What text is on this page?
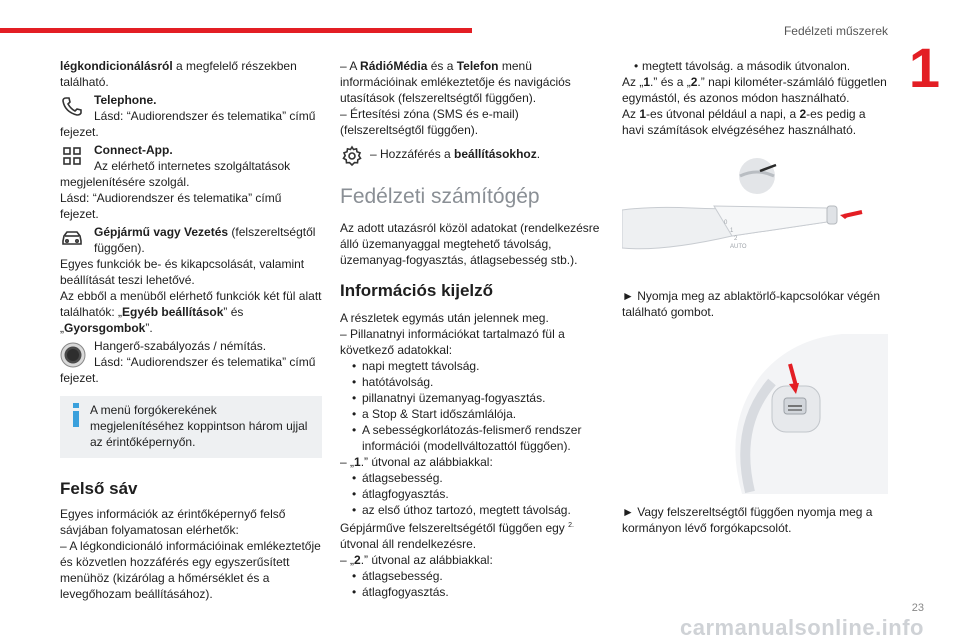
Fedélzeti műszerek
1

légkondicionálásról a megfelelő részekben található.

Telephone.

Lásd: “Audiorendszer és telematika” című fejezet.

Connect-App.

Az elérhető internetes szolgáltatások megjelenítésére szolgál.

Lásd: “Audiorendszer és telematika” című fejezet.

Gépjármű vagy Vezetés (felszereltségtől függően).

Egyes funkciók be- és kikapcsolását, valamint beállítását teszi lehetővé.

Az ebből a menüből elérhető funkciók két fül alatt találhatók: „Egyéb beállítások” és „Gyorsgombok”.

Hangerő-szabályozás / némítás.

Lásd: “Audiorendszer és telematika” című fejezet.

A menü forgókerekének megjelenítéséhez koppintson három ujjal az érintőképernyőn.

Felső sáv

Egyes információk az érintőképernyő felső sávjában folyamatosan elérhetők:

– A légkondicionáló információinak emlékeztetője és közvetlen hozzáférés egy egyszerűsített menühöz (kizárólag a hőmérséklet és a levegőhozam beállításához).

– A RádióMédia és a Telefon menü információinak emlékeztetője és navigációs utasítások (felszereltségtől függően).

– Értesítési zóna (SMS és e-mail) (felszereltségtől függően).

– Hozzáférés a beállításokhoz.

Fedélzeti számítógép

Az adott utazásról közöl adatokat (rendelkezésre álló üzemanyaggal megtehető távolság, üzemanyag-fogyasztás, átlagsebesség stb.).

Információs kijelző

A részletek egymás után jelennek meg.

– Pillanatnyi információkat tartalmazó fül a következő adatokkal:

• napi megtett távolság.

• hatótávolság.

• pillanatnyi üzemanyag-fogyasztás.

• a Stop & Start időszámlálója.

• A sebességkorlátozás-felismerő rendszer információi (modellváltozattól függően).

– „1.” útvonal az alábbiakkal:

• átlagsebesség.

• átlagfogyasztás.

• az első úthoz tartozó, megtett távolság.

Gépjárműve felszereltségétől függően egy $^{2.}$ útvonal áll rendelkezésre.

– „2.” útvonal az alábbiakkal:

• átlagsebesség.

• átlagfogyasztás.

• megtett távolság. a második útvonalon.

Az „1.” és a „2.” napi kilométer-számláló független egymástól, és azonos módon használható.

Az 1-es útvonal például a napi, a 2-es pedig a havi számítások elvégzéséhez használható.

0
1
2
AUTO

► Nyomja meg az ablaktörlő-kapcsolókar végén található gombot.

► Vagy felszereltségtől függően nyomja meg a kormányon lévő forgókapcsolót.

carmanualsonline.info
23
